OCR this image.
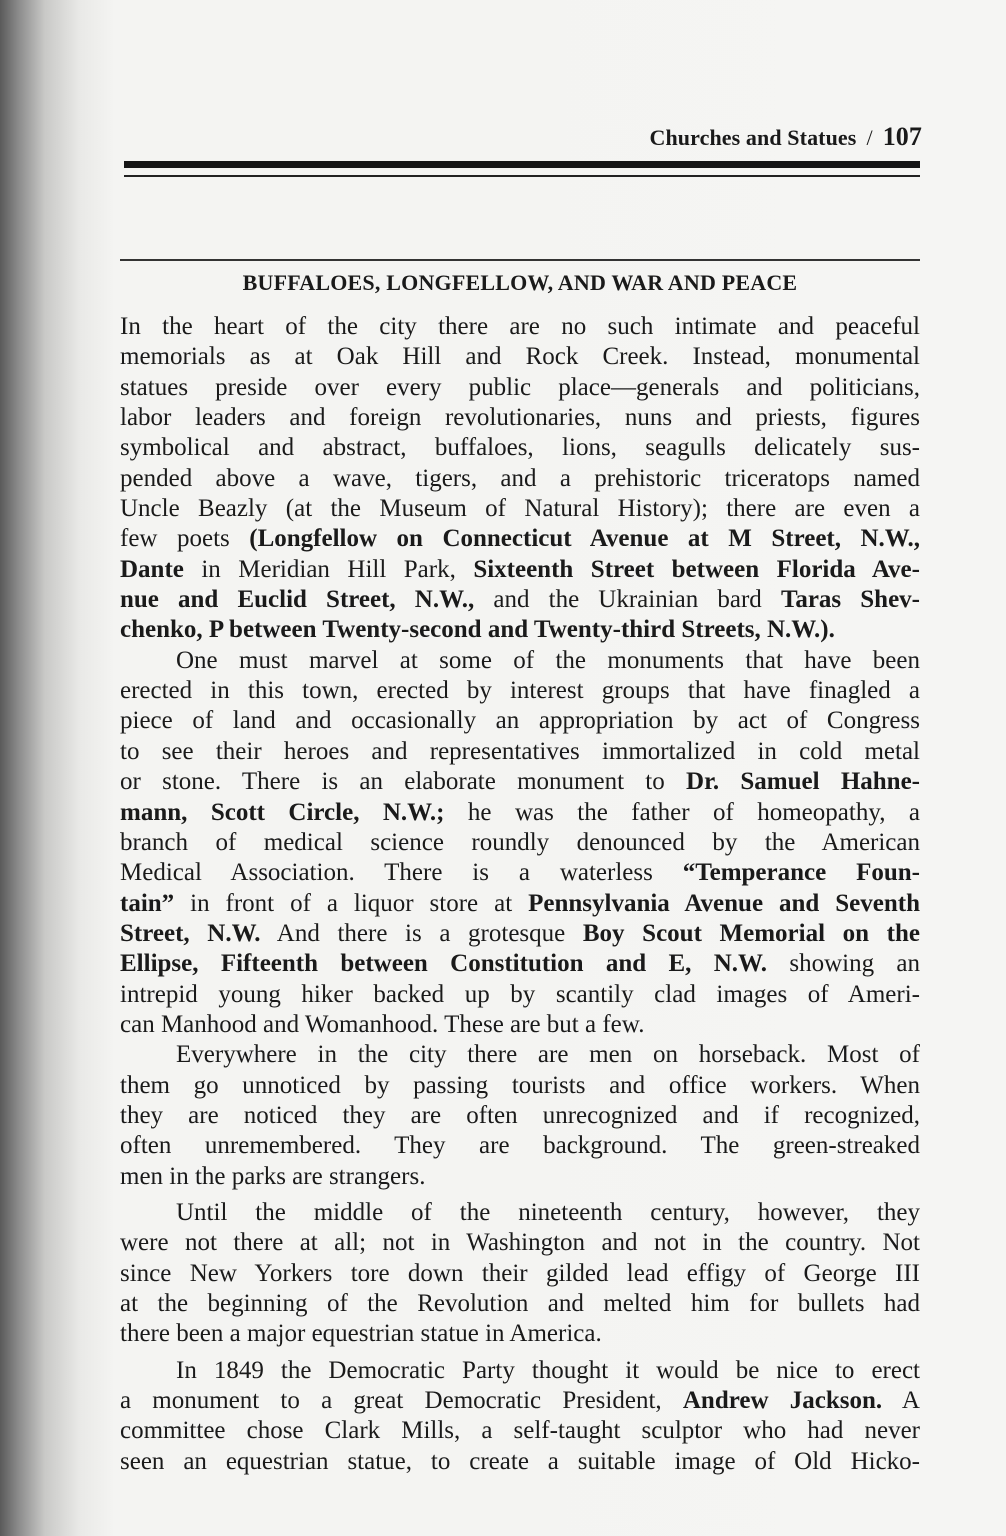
Churches and Statues / 107
BUFFALOES, LONGFELLOW, AND WAR AND PEACE

In the heart of the city there are no such intimate and peaceful
memorials as at Oak Hill and Rock Creek. Instead, monumental
statues preside over every public place—generals and politicians,
labor leaders and foreign revolutionaries, nuns and priests, figures
symbolical and abstract, buffaloes, lions, seagulls delicately sus-
pended above a wave, tigers, and a prehistoric triceratops named
Uncle Beazly (at the Museum of Natural History); there are even a
few poets (Longfellow on Connecticut Avenue at M Street, N.W.,
Dante in Meridian Hill Park, Sixteenth Street between Florida Ave-
nue and Euclid Street, N.W., and the Ukrainian bard Taras Shev-
chenko, P between Twenty-second and Twenty-third Streets, N.W.).

One must marvel at some of the monuments that have been
erected in this town, erected by interest groups that have finagled a
piece of land and occasionally an appropriation by act of Congress
to see their heroes and representatives immortalized in cold metal
or stone. There is an elaborate monument to Dr. Samuel Hahne-
mann, Scott Circle, N.W.; he was the father of homeopathy, a
branch of medical science roundly denounced by the American
Medical Association. There is a waterless “Temperance Foun-
tain” in front of a liquor store at Pennsylvania Avenue and Seventh
Street, N.W. And there is a grotesque Boy Scout Memorial on the
Ellipse, Fifteenth between Constitution and E, N.W. showing an
intrepid young hiker backed up by scantily clad images of Ameri-
can Manhood and Womanhood. These are but a few.

Everywhere in the city there are men on horseback. Most of
them go unnoticed by passing tourists and office workers. When
they are noticed they are often unrecognized and if recognized,
often unremembered. They are background. The green-streaked
men in the parks are strangers.

Until the middle of the nineteenth century, however, they
were not there at all; not in Washington and not in the country. Not
since New Yorkers tore down their gilded lead effigy of George III
at the beginning of the Revolution and melted him for bullets had
there been a major equestrian statue in America.

In 1849 the Democratic Party thought it would be nice to erect
a monument to a great Democratic President, Andrew Jackson. A
committee chose Clark Mills, a self-taught sculptor who had never
seen an equestrian statue, to create a suitable image of Old Hicko-
